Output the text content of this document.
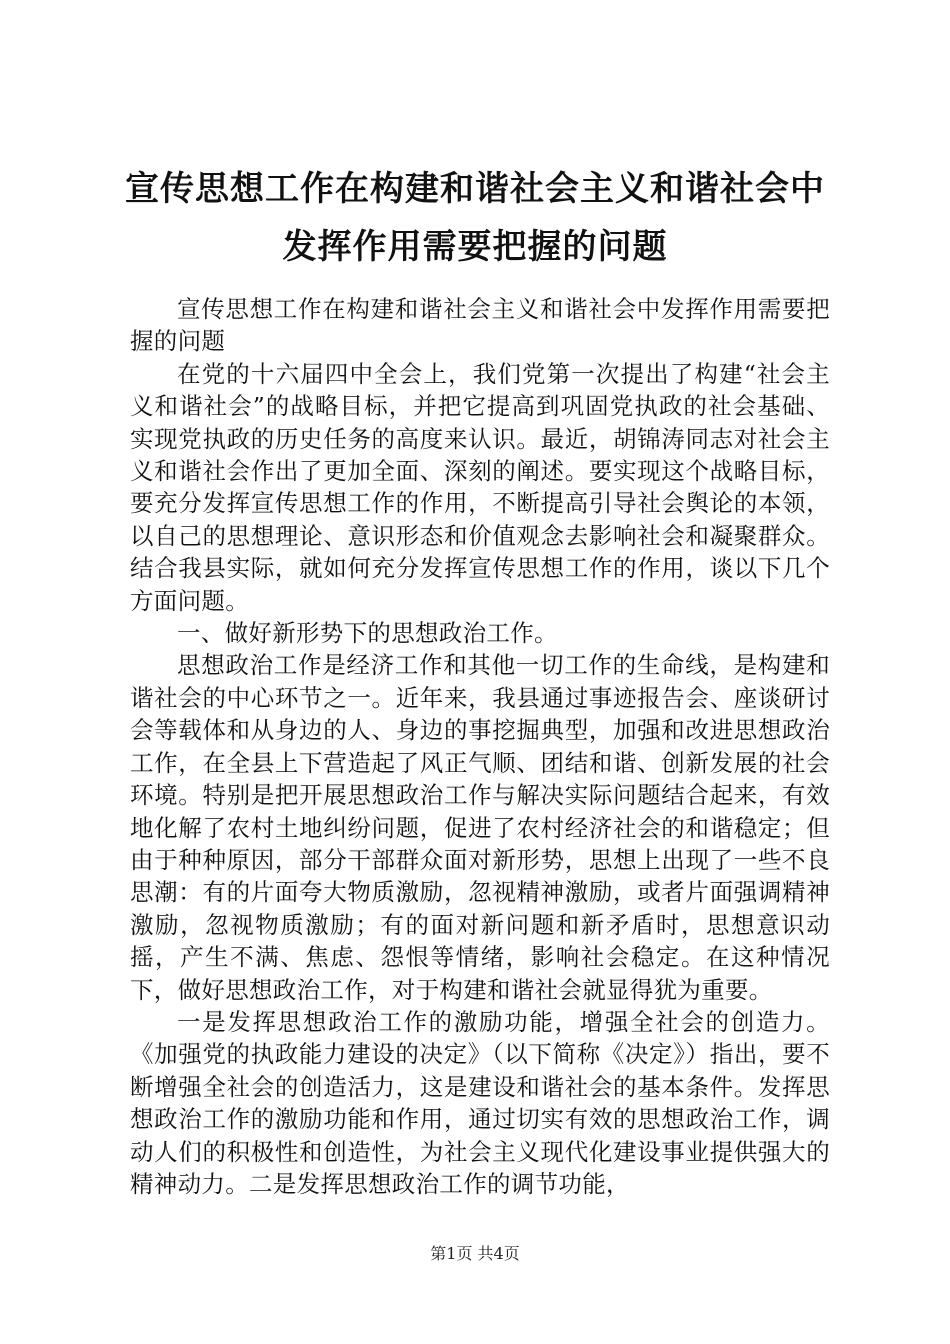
宣传思想工作在构建和谐社会主义和谐社会中
发挥作用需要把握的问题

宣传思想工作在构建和谐社会主义和谐社会中发挥作用需要把握的问题

在党的十六届四中全会上，我们党第一次提出了构建“社会主义和谐社会”的战略目标，并把它提高到巩固党执政的社会基础、实现党执政的历史任务的高度来认识。最近，胡锦涛同志对社会主义和谐社会作出了更加全面、深刻的阐述。要实现这个战略目标，要充分发挥宣传思想工作的作用，不断提高引导社会舆论的本领，以自己的思想理论、意识形态和价值观念去影响社会和凝聚群众。结合我县实际，就如何充分发挥宣传思想工作的作用，谈以下几个方面问题。

一、做好新形势下的思想政治工作。

思想政治工作是经济工作和其他一切工作的生命线，是构建和谐社会的中心环节之一。近年来，我县通过事迹报告会、座谈研讨会等载体和从身边的人、身边的事挖掘典型，加强和改进思想政治工作，在全县上下营造起了风正气顺、团结和谐、创新发展的社会环境。特别是把开展思想政治工作与解决实际问题结合起来，有效地化解了农村土地纠纷问题，促进了农村经济社会的和谐稳定；但由于种种原因，部分干部群众面对新形势，思想上出现了一些不良思潮：有的片面夸大物质激励，忽视精神激励，或者片面强调精神激励，忽视物质激励；有的面对新问题和新矛盾时，思想意识动摇，产生不满、焦虑、怨恨等情绪，影响社会稳定。在这种情况下，做好思想政治工作，对于构建和谐社会就显得犹为重要。

一是发挥思想政治工作的激励功能，增强全社会的创造力。《加强党的执政能力建设的决定》（以下简称《决定》）指出，要不断增强全社会的创造活力，这是建设和谐社会的基本条件。发挥思想政治工作的激励功能和作用，通过切实有效的思想政治工作，调动人们的积极性和创造性，为社会主义现代化建设事业提供强大的精神动力。二是发挥思想政治工作的调节功能，

第1页 共4页
